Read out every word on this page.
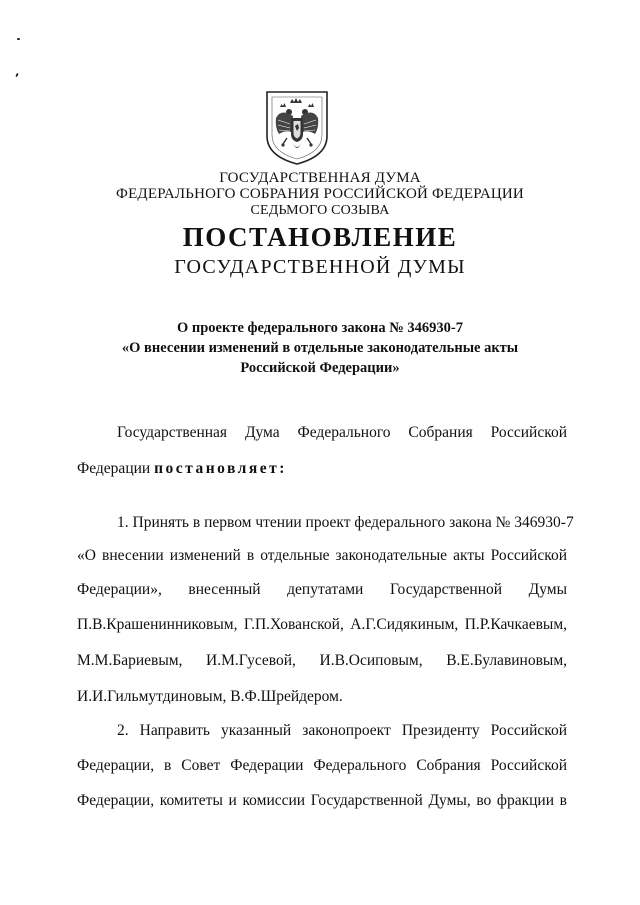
ГОСУДАРСТВЕННАЯ ДУМА
ФЕДЕРАЛЬНОГО СОБРАНИЯ РОССИЙСКОЙ ФЕДЕРАЦИИ
СЕДЬМОГО СОЗЫВА
ПОСТАНОВЛЕНИЕ
ГОСУДАРСТВЕННОЙ ДУМЫ
О проекте федерального закона № 346930-7
«О внесении изменений в отдельные законодательные акты
Российской Федерации»
Государственная Дума Федерального Собрания Российской
Федерации постановляет:
1. Принять в первом чтении проект федерального закона № 346930-7
«О внесении изменений в отдельные законодательные акты Российской
Федерации», внесенный депутатами Государственной Думы
П.В.Крашенинниковым, Г.П.Хованской, А.Г.Сидякиным, П.Р.Качкаевым,
М.М.Бариевым, И.М.Гусевой, И.В.Осиповым, В.Е.Булавиновым,
И.И.Гильмутдиновым, В.Ф.Шрейдером.
2. Направить указанный законопроект Президенту Российской
Федерации, в Совет Федерации Федерального Собрания Российской
Федерации, комитеты и комиссии Государственной Думы, во фракции в
